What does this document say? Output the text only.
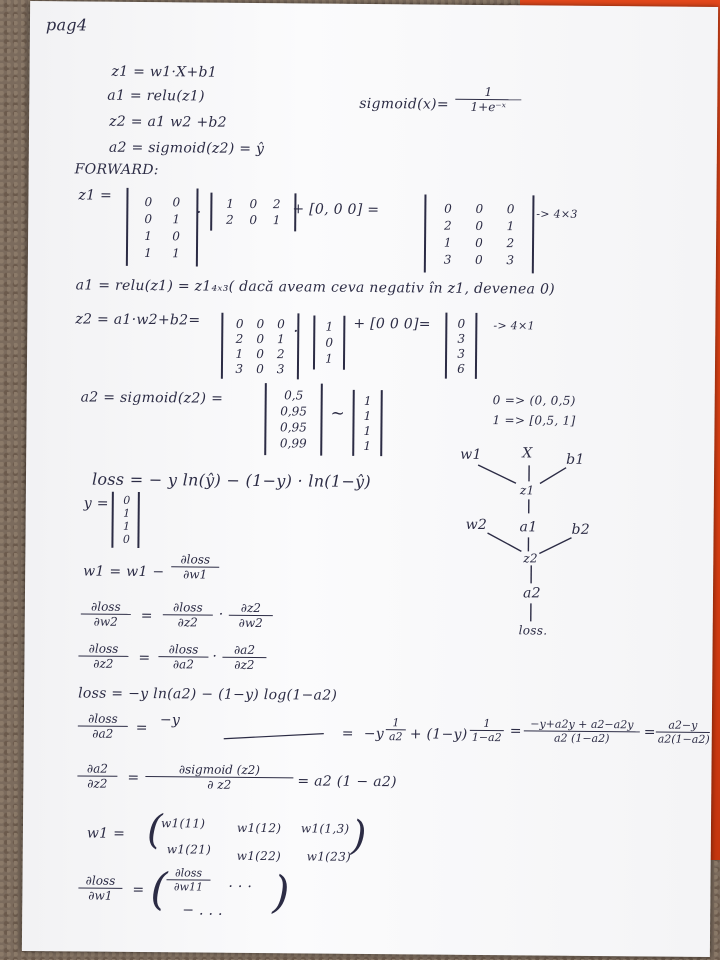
pag4
z1 = w1·X+b1
a1 = relu(z1)
z2 = a1 w2 +b2
a2 = sigmoid(z2) = ŷ
sigmoid(x)= $\frac{1}{\text{1+e⁻ˣ}}$
FORWARD:
z1 =	0 0
0 1
1 0
1 1
· 1 0 2
2 0 1
+ [0, 0 0] =	0 0 0
2 0 1
1 0 2
3 0 3
-> 4×3
a1 = relu(z1) = z1₄ₓ₃( dacă aveam ceva negativ în z1, devenea 0)
z2 = a1·w2+b2=	0 0 0
2 0 1
1 0 2
3 0 3
· 1
0
1
+ [0 0 0]= 0
3
3
6
-> 4×1
a2 = sigmoid(z2) =	0,5
0,95
0,95
0,99
~
1
1
1
1
0 => (0, 0,5)
1 => [0,5, 1]
loss = − y ln(ŷ) − (1−y) · ln(1−ŷ)
y =	0
1
1
0
w1	X b1
z1
w2 a1 b2
z2
a2
loss.
w1 = w1 −
∂loss
∂w1
∂loss
∂w2	=
∂loss
∂z2	· $\frac{\partial z2}{\partial w2}$
∂loss
∂z2	=
∂loss
∂a2	· $\frac{\partial a2}{\partial z2}$
loss = −y ln(a2) − (1−y) log(1−a2)
∂loss
∂a2	= −y
= $-y \frac{1}{a2} + (1-y) \frac{1}{1-a2} = \frac{-y+a2y + a2-a2y}{a2 (1-a2)} = \frac{a2-y}{a2(1-a2)}$
$\frac{\partial a2}{\partial z2}$ =
∂sigmoid (z2)
∂ z2	= a2 (1 − a2)
w1 = (
w1(11)	w1(12) w1(1,3)
w1(21) w1(22) w1(23) )
∂loss
∂w1	= ( ∂loss
∂w11	. . .
− . . . )
